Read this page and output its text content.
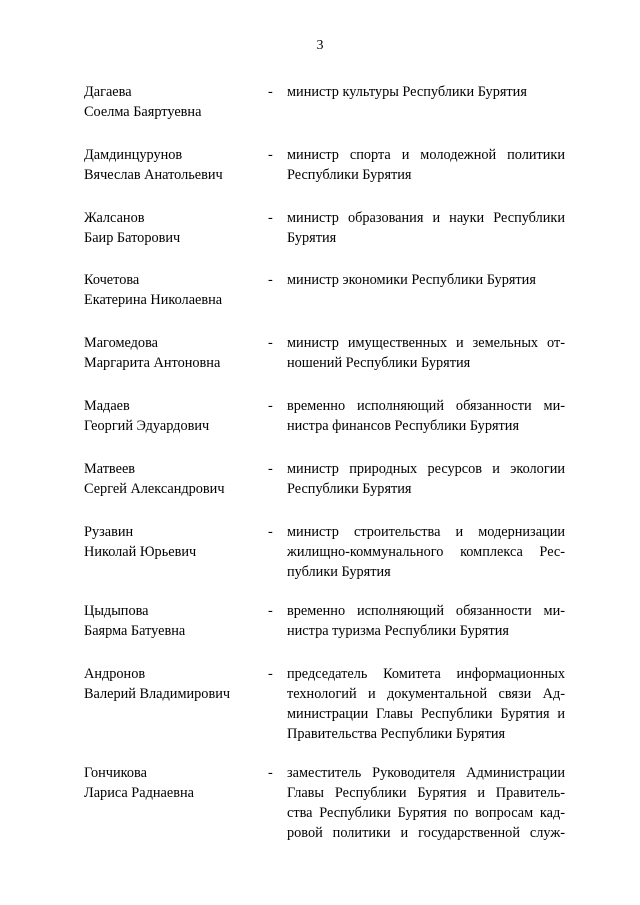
3
Дагаева
Соелма Баяртуевна
- министр культуры Республики Бурятия
Дамдинцурунов
Вячеслав Анатольевич
- министр спорта и молодежной политики
Республики Бурятия
Жалсанов
Баир Баторович
- министр образования и науки Республики
Бурятия
Кочетова
Екатерина Николаевна
- министр экономики Республики Бурятия
Магомедова
Маргарита Антоновна
- министр имущественных и земельных от-
ношений Республики Бурятия
Мадаев
Георгий Эдуардович
- временно исполняющий обязанности ми-
нистра финансов Республики Бурятия
Матвеев
Сергей Александрович
- министр природных ресурсов и экологии
Республики Бурятия
Рузавин
Николай Юрьевич
- министр строительства и модернизации
жилищно-коммунального комплекса Рес-
публики Бурятия
Цыдыпова
Баярма Батуевна
- временно исполняющий обязанности ми-
нистра туризма Республики Бурятия
Андронов
Валерий Владимирович
- председатель Комитета информационных
технологий и документальной связи Ад-
министрации Главы Республики Бурятия и
Правительства Республики Бурятия
Гончикова
Лариса Раднаевна
- заместитель Руководителя Администрации
Главы Республики Бурятия и Правитель-
ства Республики Бурятия по вопросам кад-
ровой политики и государственной служ-
